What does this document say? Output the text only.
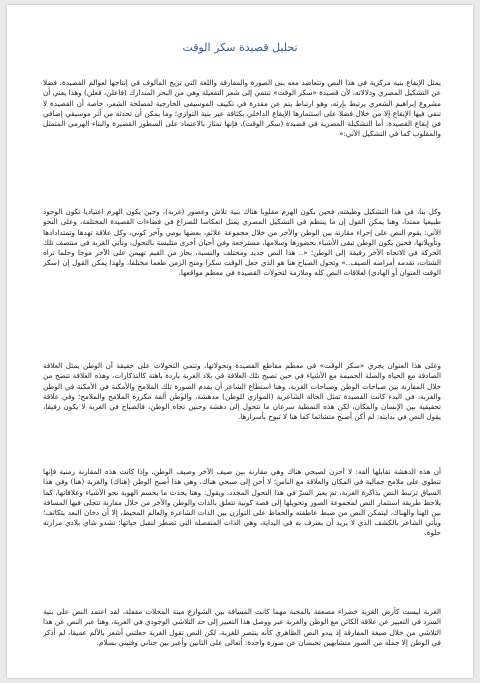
تحليل قصيدة سكر الوقت

يمثل الإيقاع بنية مركزية في هذا النص وتتعاضد معه بنى الصورة والمفارقة واللغة التي تزيح المألوف في إنتاجها لعوالم القصيدة، فضلا عن التشكيل المصري ودلالاته، لأن قصيدة «سكر الوقت» تنتمي إلى شعر التفعيلة وهي من البحر المتدارك (فاعلن، فعلن) وهذا يعني أن مشروع إبراهيم الشعري يرتبط بإرثه، وهو ارتباط يتم عن مقدرة في تكييف الموسيقى الخارجية لمصلحة الشعر، خاصة أن القصيدة لا تنفي فيها الإيقاع إلا من خلال فضلا على استثمارها الإيقاع الداخلي بكثافة عبر بنية التوازي؛ وما يمكن أن تحدثه من أثر موسيقي إضافي في إيقاع القصيدة. أما التشكيلة المصرية في قصيدة (سكر الوقت)، فإنها تمتاز بالاعتماد على السطور القصيرة والبناء الهرمي المتمثل والمقلوب كما في التشكيل الآتي:«

وكل بنا، في هذا التشكيل وظيفته، فحين يكون الهرم مقلوبا هناك بنية تلاش وعصور (غربة)، وحين يكون الهرم اعتياديا تكون الوجود طبيعيا ممتدا، وهنا يمكن القول إن ما ينتظم في التشكيل المصري يمثل انعكاسا للصراع في فضاءات القصيدة المختلفة، وعلى النحو الآتي: يقوم النص على إجراء مقارنة بين الوطن والآخر من خلال مجموعة علائم، بعضها يومي وآخر كوني، وكل علاقة تهدها وتمتدادادها وتأويلاتها، فحين يكون الوطن تبقى الأشياء بحضورها وسلامها، مسترجعة وفي أحيان أخرى متلبسة بالتحول، وتأتي الغربة في منتصف تلك الحركة في الاتجاه الآخر رفيقة إلى الوطن؛ «.. هذا النص جديد ومختلف والنسبة، بحاز من القيم تهيمن على الآخر موجا وحلما تراه الشتات، تقدمه أمراضه الصيف..» وتحول الصباح هنا هو الذي جعل الوقت سكرا ومنح الزمن طعما مختلفا، ولهذا يمكن القول إن (سكر الوقت العنوان أو الهادي) لعلاقات النص كله وملازمة لتحولات القصيدة في معظم مواقعها.

وعلى هذا العنوان يجري «سكر الوقت» في معظم مقاطع القصيدة وتحولاتها، وتنمي التحولات على حقيقة أن الوطن يمثل العلاقة الصادقة مع الحياة والصلة الحميمة مع الأشياء في حين تصبح تلك العلاقة في بلاد الغربة باردة باهتة كالتذكارات، وهذه العلاقة تتضح من خلال المقارنة بين صباحات الوطن وصباحات الغربة، وهنا استطاع الشاعر أن يقدم الصورة تلك الملامح والأمكنة في الأمكنة في الوطن والغربة، في البدء كانت القصيدة تمثل الحالة الشاعرية (الموازي للوطن) مدهشة، والوطن ألفة مكررة الملامح والملامح؛ وفي علاقة تحقيقية بين الإنسان والمكان، لكن هذه النمطية سرعان ما تتحول إلى دهشة وحنين تجاه الوطن، فالصباح في الغربة لا يكون رفيقا، يقول النص في بدايته: لم أكن أصبح متشائما كما هنا لا تبوح بأسرارها.

أن هذه الدهشة تقابلها ألفة: لا أحزن لصبحي هناك وهي مقارنة بين صيف الآخر وصيف الوطن، وإذا كانت هذه المقارنة زمنية فإنها تنطوي على ملامح جمالية في المكان والعلاقة مع الناس؛ لا أحن إلى صبحي هناك، وهي هذا أصبح الوطن (هناك) والغربة (هنا) وفي هذا السياق ترتبط النص بذاكرة الغربة، تم يعبر السرّ في هذا التحول المجدد، ويقول: وهنا يحدث ما يحسم الهوية نحو الأشياء وعلاقاتها، كما يلاحظ طريقة استثمار النص لمجموعة الصور وتحويلها إلى قصة كونية تتعلق بالذات والوطن والآخر من خلال مقارنة تتجلى فيها المسافة بين الهنا والهناك، ليتمكن النص من ضبط عاطفته والحفاظ على التوازن بين الذات الشاعرة والعالم المحيط، إلا أن دخان البعد يتكاثف؛ ويأتي الشاعر بالكشف الذي لا يريد أن يعترف به في البداية، وهي الذات المنفصلة التي تضطر لتقبل حياتها؛ تشدو شاي بلادي مرارته حلوة.

الغربة ليست كأرض الغربة خضراء مضعفة بالمحبة مهما كانت المسافة بين الشوارع مينة المحلات مقفلة، لقد اعتمد النص على بنية السرد في التعبير عن علاقة الكائن مع الوطن والغربة عبر ووصل هذا التعبير إلى حد التلاشي الوجودي في الغربة، وهنا عبر النص عن هذا التلاشي من خلال صيغة المفارقة إذ يبدو النص الظاهري كأنه ينتصر للغربة، لكن النص تقول الغربة جعلتني أشعر بالألم عميقا، لم أذكر في الوطن إلا جملة من الصور متشابهين تحبسان عن صورة واحدة: أتعالى على الثانين وأعبر بين حناني وفتيني بسلام.
